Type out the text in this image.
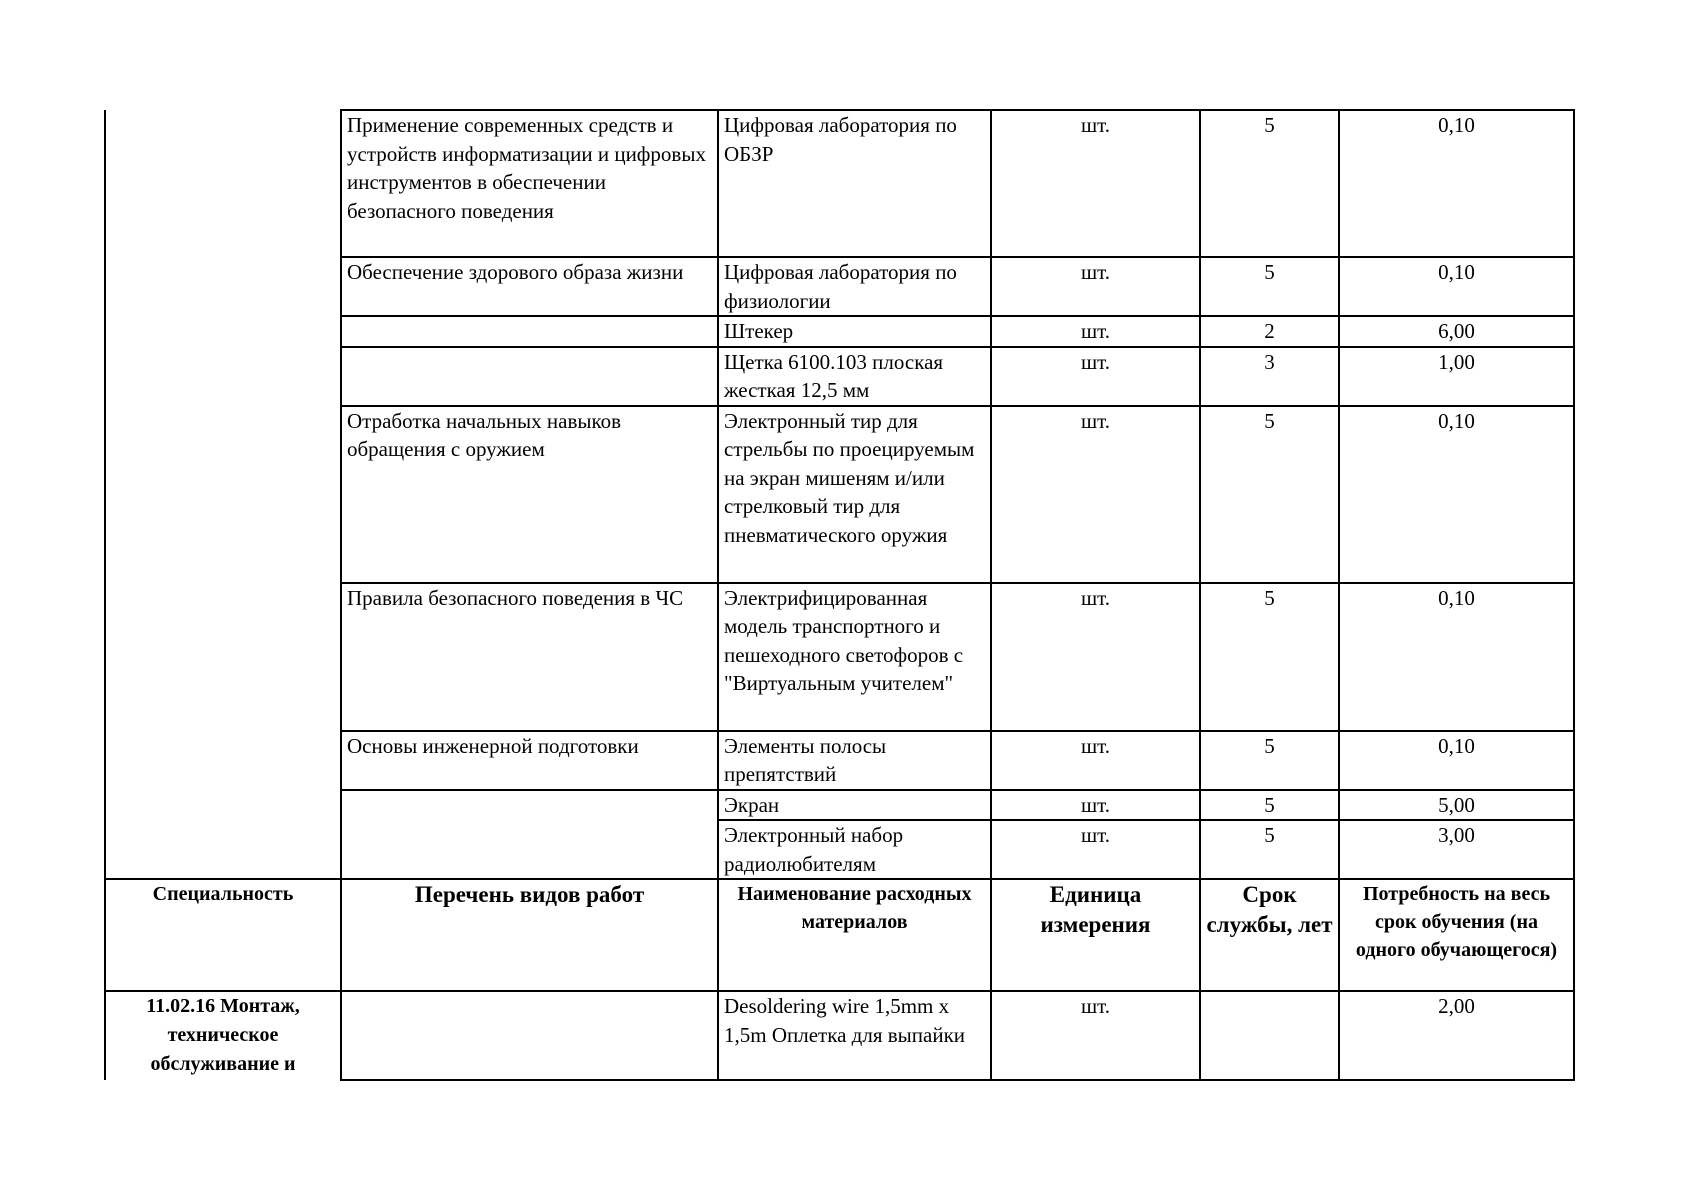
	Применение современных средств и устройств информатизации и цифровых инструментов в обеспечении безопасного поведения	Цифровая лаборатория по ОБЗР	шт.	5	0,10
	Обеспечение здорового образа жизни	Цифровая лаборатория по физиологии	шт.	5	0,10
		Штекер	шт.	2	6,00
		Щетка 6100.103 плоская жесткая 12,5 мм	шт.	3	1,00
	Отработка начальных навыков обращения с оружием	Электронный тир для стрельбы по проецируемым на экран мишеням и/или стрелковый тир для пневматического оружия	шт.	5	0,10
	Правила безопасного поведения в ЧС	Электрифицированная модель транспортного и пешеходного светофоров с "Виртуальным учителем"	шт.	5	0,10
	Основы инженерной подготовки	Элементы полосы препятствий	шт.	5	0,10
		Экран	шт.	5	5,00
		Электронный набор радиолюбителям	шт.	5	3,00
Специальность	Перечень видов работ	Наименование расходных материалов	Единица измерения	Срок службы, лет	Потребность на весь срок обучения (на одного обучающегося)
11.02.16 Монтаж, техническое обслуживание и		Desoldering wire 1,5mm x 1,5m Оплетка для выпайки	шт.		2,00
